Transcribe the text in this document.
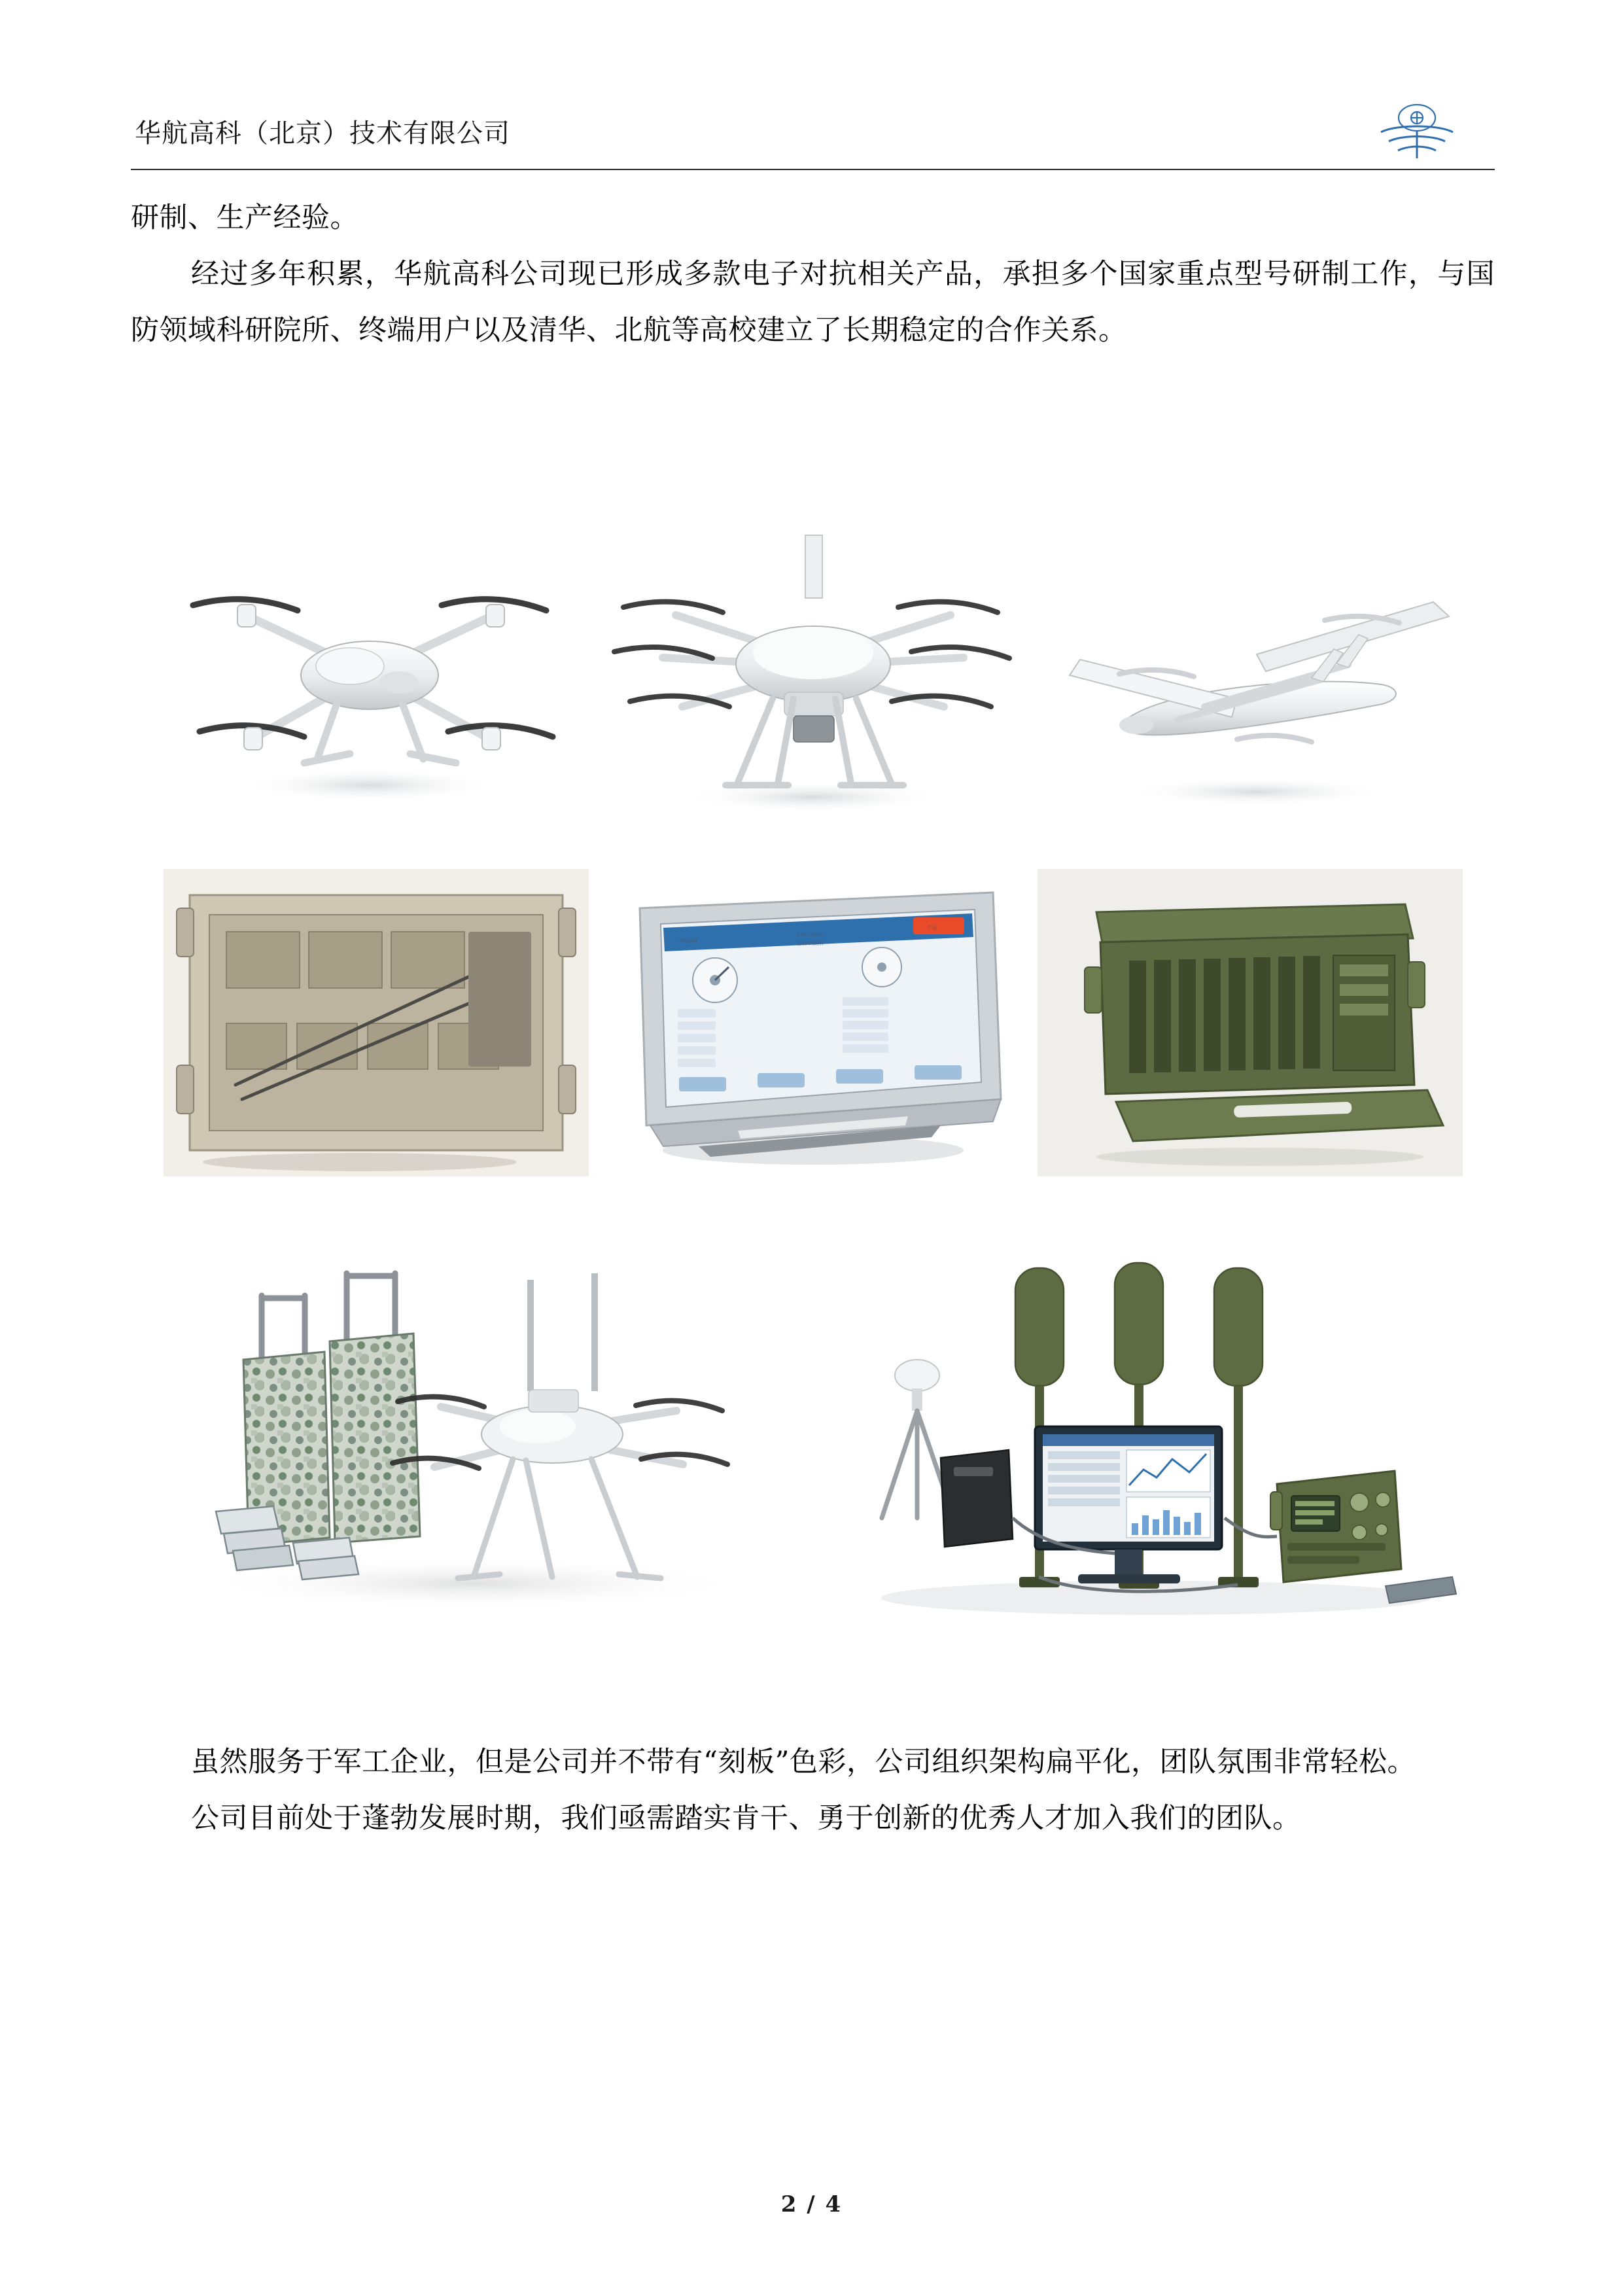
华航高科（北京）技术有限公司

研制、生产经验。

经过多年积累，华航高科公司现已形成多款电子对抗相关产品，承担多个国家重点型号研制工作，与国防领域科研院所、终端用户以及清华、北航等高校建立了长期稳定的合作关系。

华航高科
XXXX-XXXX
控制终端软件
产品

虽然服务于军工企业，但是公司并不带有“刻板”色彩，公司组织架构扁平化，团队氛围非常轻松。

公司目前处于蓬勃发展时期，我们亟需踏实肯干、勇于创新的优秀人才加入我们的团队。

2 / 4
